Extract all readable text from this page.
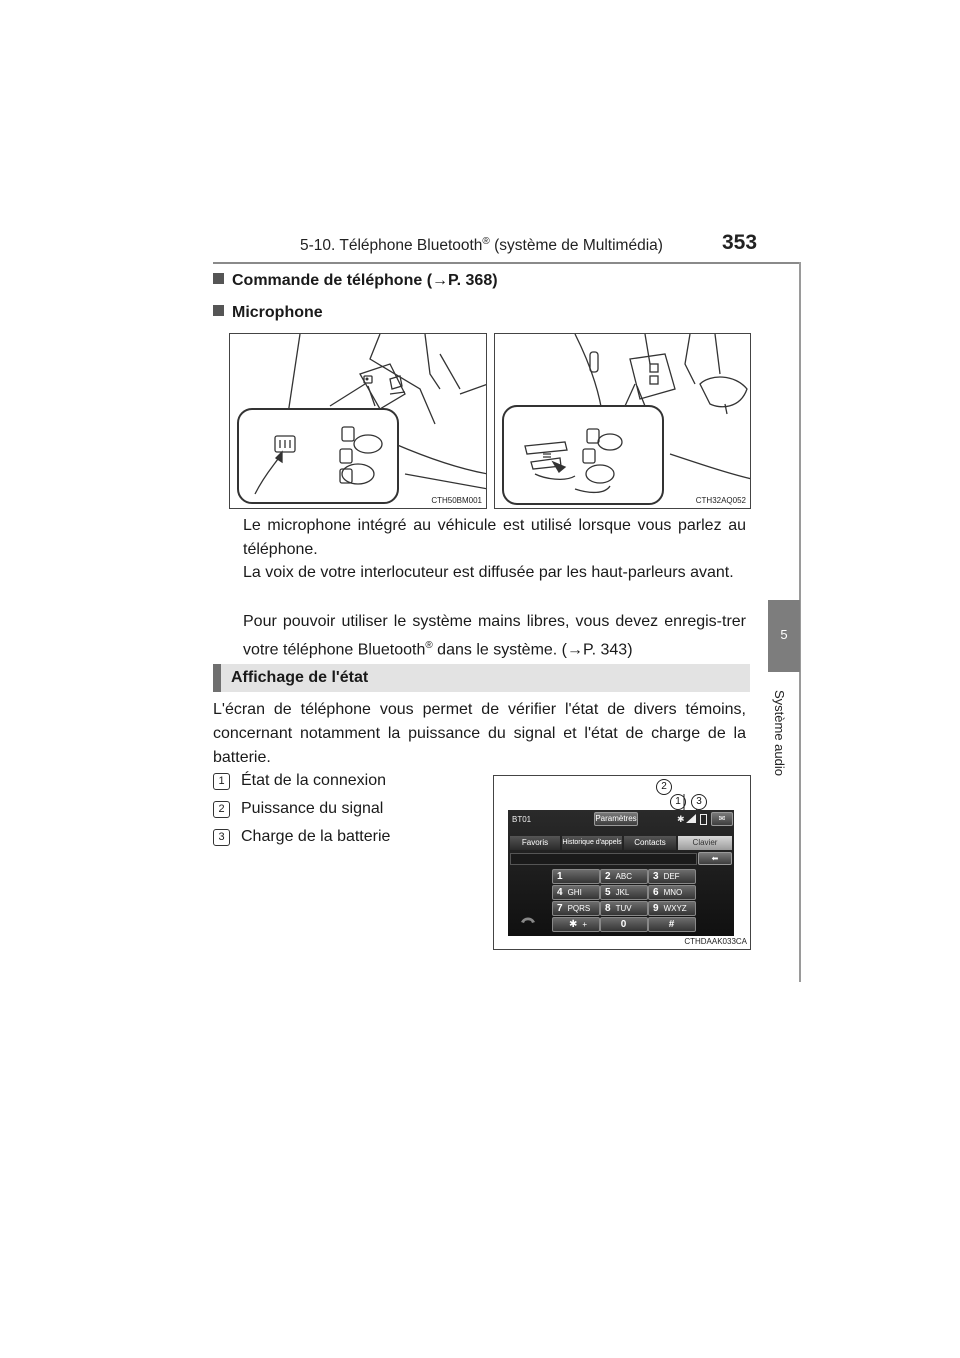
5-10. Téléphone Bluetooth® (système de Multimédia)	353
5
Système audio
Commande de téléphone (→P. 368)
Microphone
CTH50BM001	CTH32AQ052
Le microphone intégré au véhicule est utilisé lorsque vous parlez au téléphone.
La voix de votre interlocuteur est diffusée par les haut-parleurs avant.
Pour pouvoir utiliser le système mains libres, vous devez enregis-trer votre téléphone Bluetooth® dans le système. (→P. 343)
Affichage de l'état
L'écran de téléphone vous permet de vérifier l'état de divers témoins, concernant notamment la puissance du signal et l'état de charge de la batterie.
1 État de la connexion
2 Puissance du signal
3 Charge de la batterie
2
1	3
BT01	Paramètres	✱	✉
Favoris	Historique d'appels	Contacts	Clavier
⬅
1	2 ABC	3 DEF
4 GHI	5 JKL	6 MNO
7 PQRS	8 TUV	9 WXYZ
✱ +	0	#
CTHDAAK033CA
